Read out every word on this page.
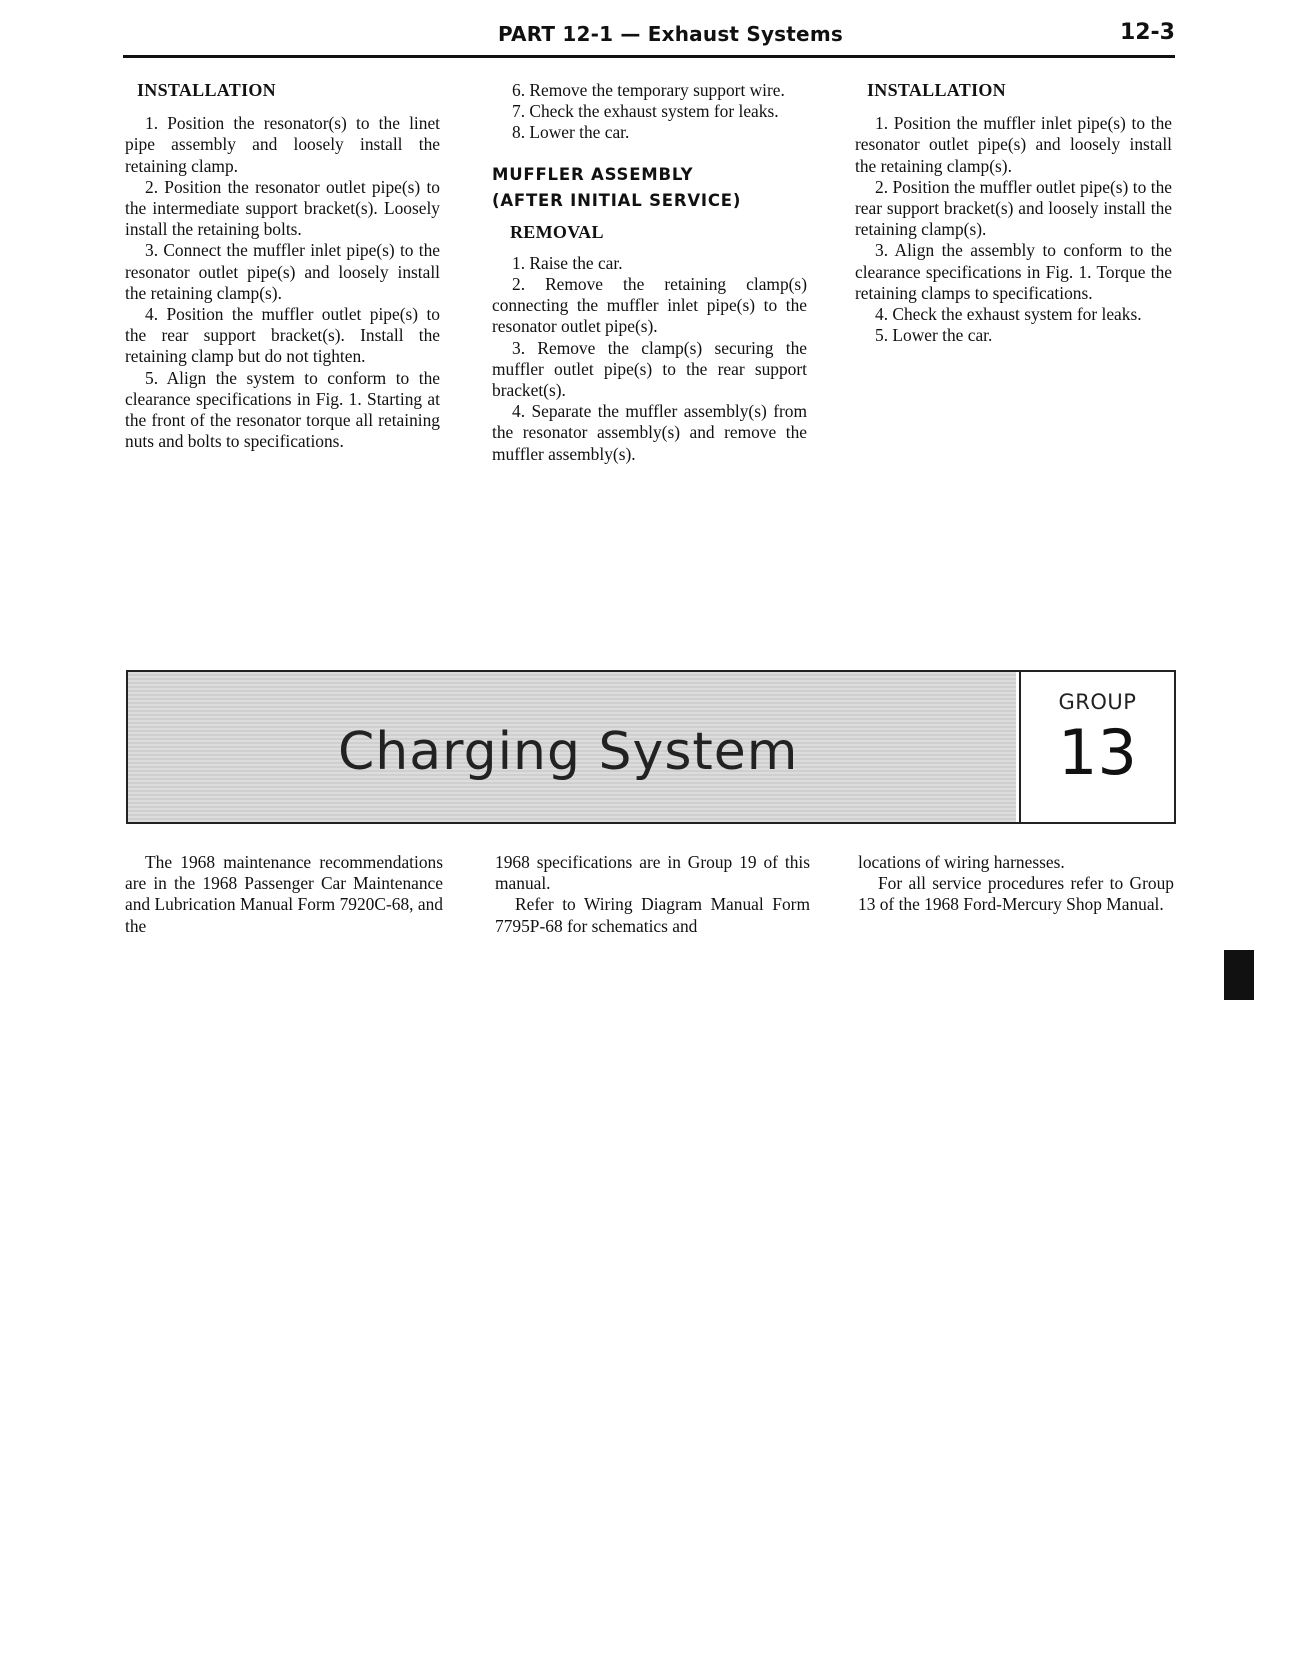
PART 12-1 — Exhaust Systems	12-3
INSTALLATION

1. Position the resonator(s) to the linet pipe assembly and loosely install the retaining clamp.

2. Position the resonator outlet pipe(s) to the intermediate support bracket(s). Loosely install the retaining bolts.

3. Connect the muffler inlet pipe(s) to the resonator outlet pipe(s) and loosely install the retaining clamp(s).

4. Position the muffler outlet pipe(s) to the rear support bracket(s). Install the retaining clamp but do not tighten.

5. Align the system to conform to the clearance specifications in Fig. 1. Starting at the front of the resonator torque all retaining nuts and bolts to specifications.

6. Remove the temporary support wire.

7. Check the exhaust system for leaks.

8. Lower the car.

MUFFLER ASSEMBLY
(AFTER INITIAL SERVICE)
REMOVAL

1. Raise the car.

2. Remove the retaining clamp(s) connecting the muffler inlet pipe(s) to the resonator outlet pipe(s).

3. Remove the clamp(s) securing the muffler outlet pipe(s) to the rear support bracket(s).

4. Separate the muffler assembly(s) from the resonator assembly(s) and remove the muffler assembly(s).

INSTALLATION

1. Position the muffler inlet pipe(s) to the resonator outlet pipe(s) and loosely install the retaining clamp(s).

2. Position the muffler outlet pipe(s) to the rear support bracket(s) and loosely install the retaining clamp(s).

3. Align the assembly to conform to the clearance specifications in Fig. 1. Torque the retaining clamps to specifications.

4. Check the exhaust system for leaks.

5. Lower the car.

Charging System
GROUP
13

The 1968 maintenance recommendations are in the 1968 Passenger Car Maintenance and Lubrication Manual Form 7920C-68, and the

1968 specifications are in Group 19 of this manual.

Refer to Wiring Diagram Manual Form 7795P-68 for schematics and

locations of wiring harnesses.

For all service procedures refer to Group 13 of the 1968 Ford-Mercury Shop Manual.
